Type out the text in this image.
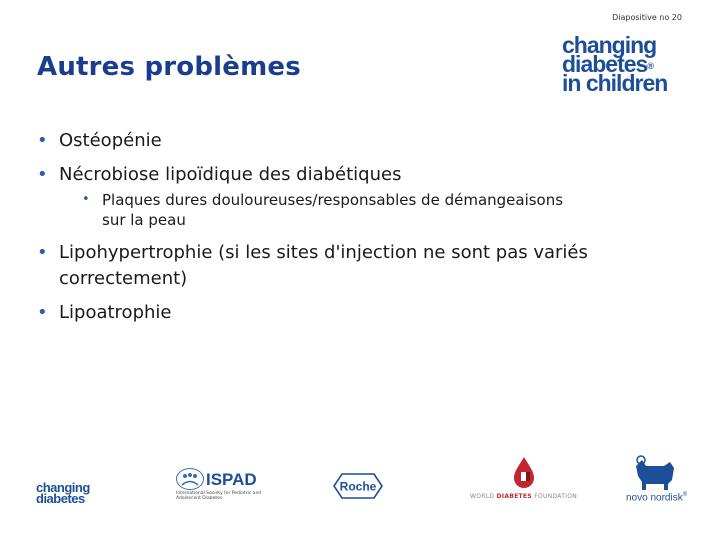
Diapositive no 20
changing
diabetes®
in children
Autres problèmes
• Ostéopénie
• Nécrobiose lipoïdique des diabétiques
• Plaques dures douloureuses/responsables de démangeaisons sur la peau
• Lipohypertrophie (si les sites d'injection ne sont pas variés correctement)
• Lipoatrophie
changing
diabetes
ISPAD
International Society for Pediatric and Adolescent Diabetes
Roche
WORLD DIABETES FOUNDATION	novo nordisk®
